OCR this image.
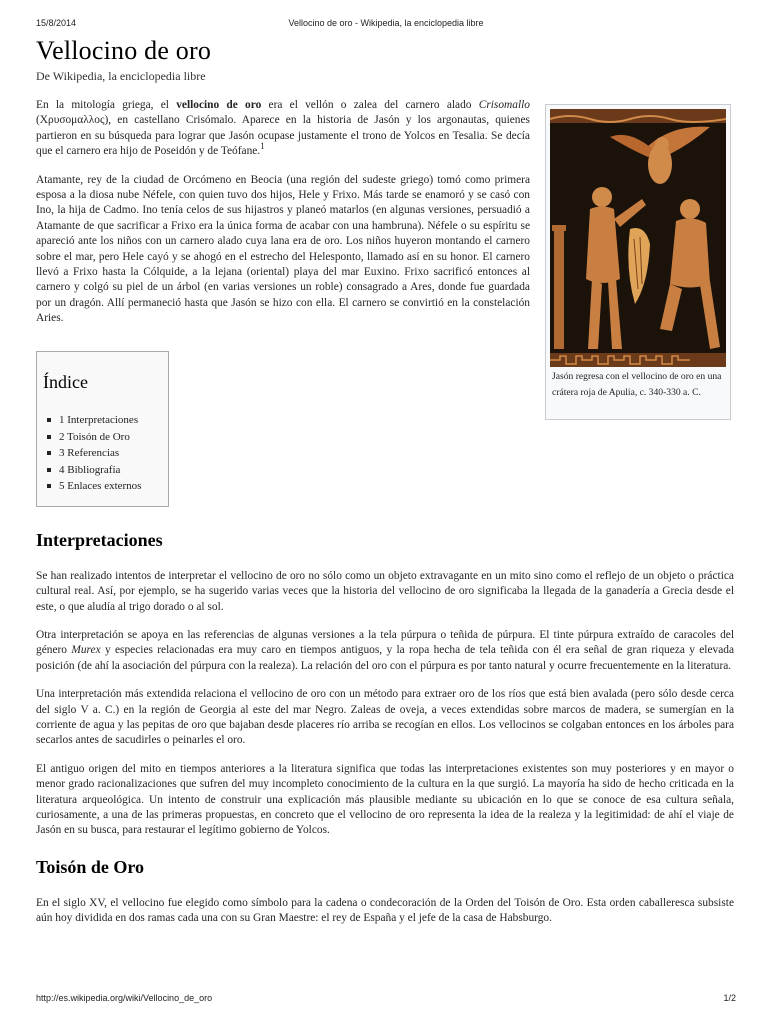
15/8/2014	Vellocino de oro - Wikipedia, la enciclopedia libre
Vellocino de oro
De Wikipedia, la enciclopedia libre

En la mitología griega, el vellocino de oro era el vellón o zalea del carnero alado Crisomallo (Χρυσομαλλος), en castellano Crisómalo. Aparece en la historia de Jasón y los argonautas, quienes partieron en su búsqueda para lograr que Jasón ocupase justamente el trono de Yolcos en Tesalia. Se decía que el carnero era hijo de Poseidón y de Teófane.$^1$

Atamante, rey de la ciudad de Orcómeno en Beocia (una región del sudeste griego) tomó como primera esposa a la diosa nube Néfele, con quien tuvo dos hijos, Hele y Frixo. Más tarde se enamoró y se casó con Ino, la hija de Cadmo. Ino tenía celos de sus hijastros y planeó matarlos (en algunas versiones, persuadió a Atamante de que sacrificar a Frixo era la única forma de acabar con una hambruna). Néfele o su espíritu se apareció ante los niños con un carnero alado cuya lana era de oro. Los niños huyeron montando el carnero sobre el mar, pero Hele cayó y se ahogó en el estrecho del Helesponto, llamado así en su honor. El carnero llevó a Frixo hasta la Cólquide, a la lejana (oriental) playa del mar Euxino. Frixo sacrificó entonces al carnero y colgó su piel de un árbol (en varias versiones un roble) consagrado a Ares, donde fue guardada por un dragón. Allí permaneció hasta que Jasón se hizo con ella. El carnero se convirtió en la constelación Aries.

Interpretaciones

Se han realizado intentos de interpretar el vellocino de oro no sólo como un objeto extravagante en un mito sino como el reflejo de un objeto o práctica cultural real. Así, por ejemplo, se ha sugerido varias veces que la historia del vellocino de oro significaba la llegada de la ganadería a Grecia desde el este, o que aludía al trigo dorado o al sol.

Otra interpretación se apoya en las referencias de algunas versiones a la tela púrpura o teñida de púrpura. El tinte púrpura extraído de caracoles del género Murex y especies relacionadas era muy caro en tiempos antiguos, y la ropa hecha de tela teñida con él era señal de gran riqueza y elevada posición (de ahí la asociación del púrpura con la realeza). La relación del oro con el púrpura es por tanto natural y ocurre frecuentemente en la literatura.

Una interpretación más extendida relaciona el vellocino de oro con un método para extraer oro de los ríos que está bien avalada (pero sólo desde cerca del siglo V a. C.) en la región de Georgia al este del mar Negro. Zaleas de oveja, a veces extendidas sobre marcos de madera, se sumergían en la corriente de agua y las pepitas de oro que bajaban desde placeres río arriba se recogían en ellos. Los vellocinos se colgaban entonces en los árboles para secarlos antes de sacudirles o peinarles el oro.

El antiguo origen del mito en tiempos anteriores a la literatura significa que todas las interpretaciones existentes son muy posteriores y en mayor o menor grado racionalizaciones que sufren del muy incompleto conocimiento de la cultura en la que surgió. La mayoría ha sido de hecho criticada en la literatura arqueológica. Un intento de construir una explicación más plausible mediante su ubicación en lo que se conoce de esa cultura señala, curiosamente, a una de las primeras propuestas, en concreto que el vellocino de oro representa la idea de la realeza y la legitimidad: de ahí el viaje de Jasón en su busca, para restaurar el legítimo gobierno de Yolcos.

Toisón de Oro

En el siglo XV, el vellocino fue elegido como símbolo para la cadena o condecoración de la Orden del Toisón de Oro. Esta orden caballeresca subsiste aún hoy dividida en dos ramas cada una con su Gran Maestre: el rey de España y el jefe de la casa de Habsburgo.

Jasón regresa con el vellocino de oro en una crátera roja de Apulia, c. 340-330 a. C.
Índice
1 Interpretaciones
2 Toisón de Oro
3 Referencias
4 Bibliografía
5 Enlaces externos
http://es.wikipedia.org/wiki/Vellocino_de_oro	1/2
